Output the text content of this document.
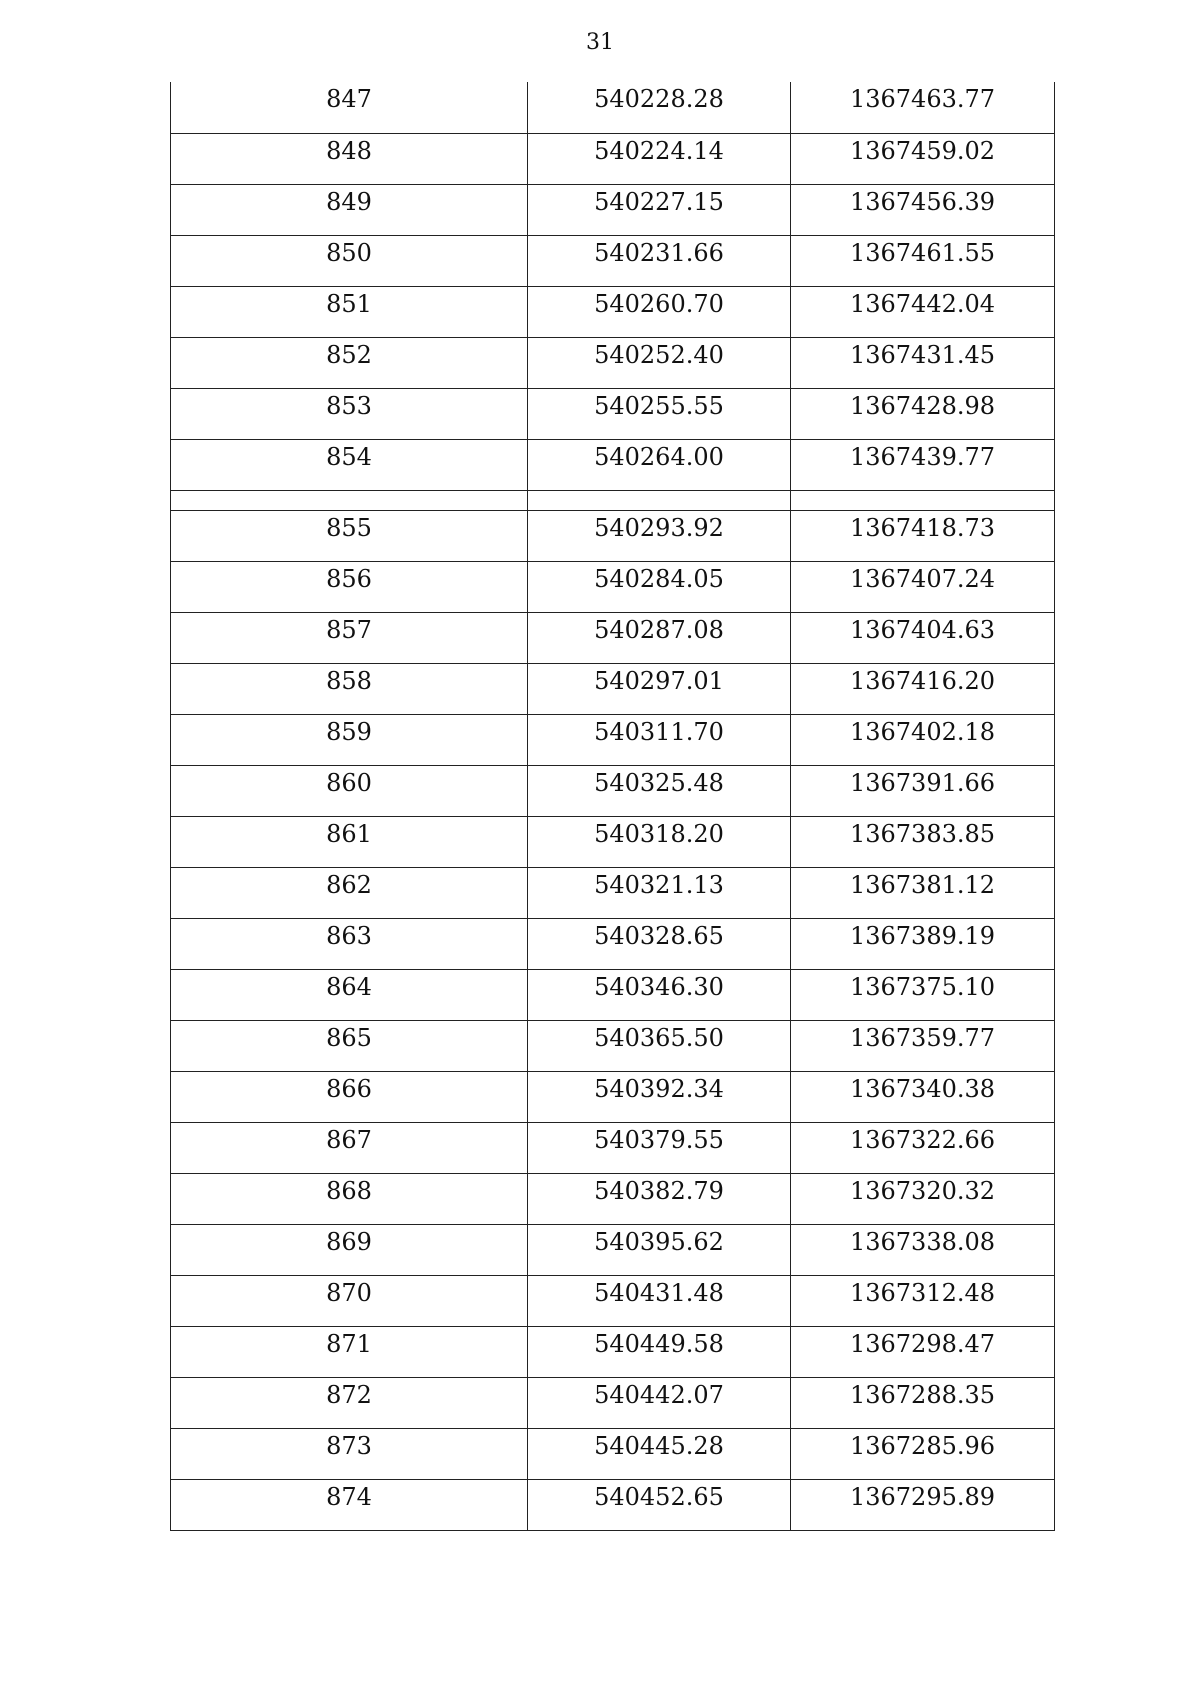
31
847	540228.28	1367463.77
848	540224.14	1367459.02
849	540227.15	1367456.39
850	540231.66	1367461.55
851	540260.70	1367442.04
852	540252.40	1367431.45
853	540255.55	1367428.98
854	540264.00	1367439.77

855	540293.92	1367418.73
856	540284.05	1367407.24
857	540287.08	1367404.63
858	540297.01	1367416.20
859	540311.70	1367402.18
860	540325.48	1367391.66
861	540318.20	1367383.85
862	540321.13	1367381.12
863	540328.65	1367389.19
864	540346.30	1367375.10
865	540365.50	1367359.77
866	540392.34	1367340.38
867	540379.55	1367322.66
868	540382.79	1367320.32
869	540395.62	1367338.08
870	540431.48	1367312.48
871	540449.58	1367298.47
872	540442.07	1367288.35
873	540445.28	1367285.96
874	540452.65	1367295.89
